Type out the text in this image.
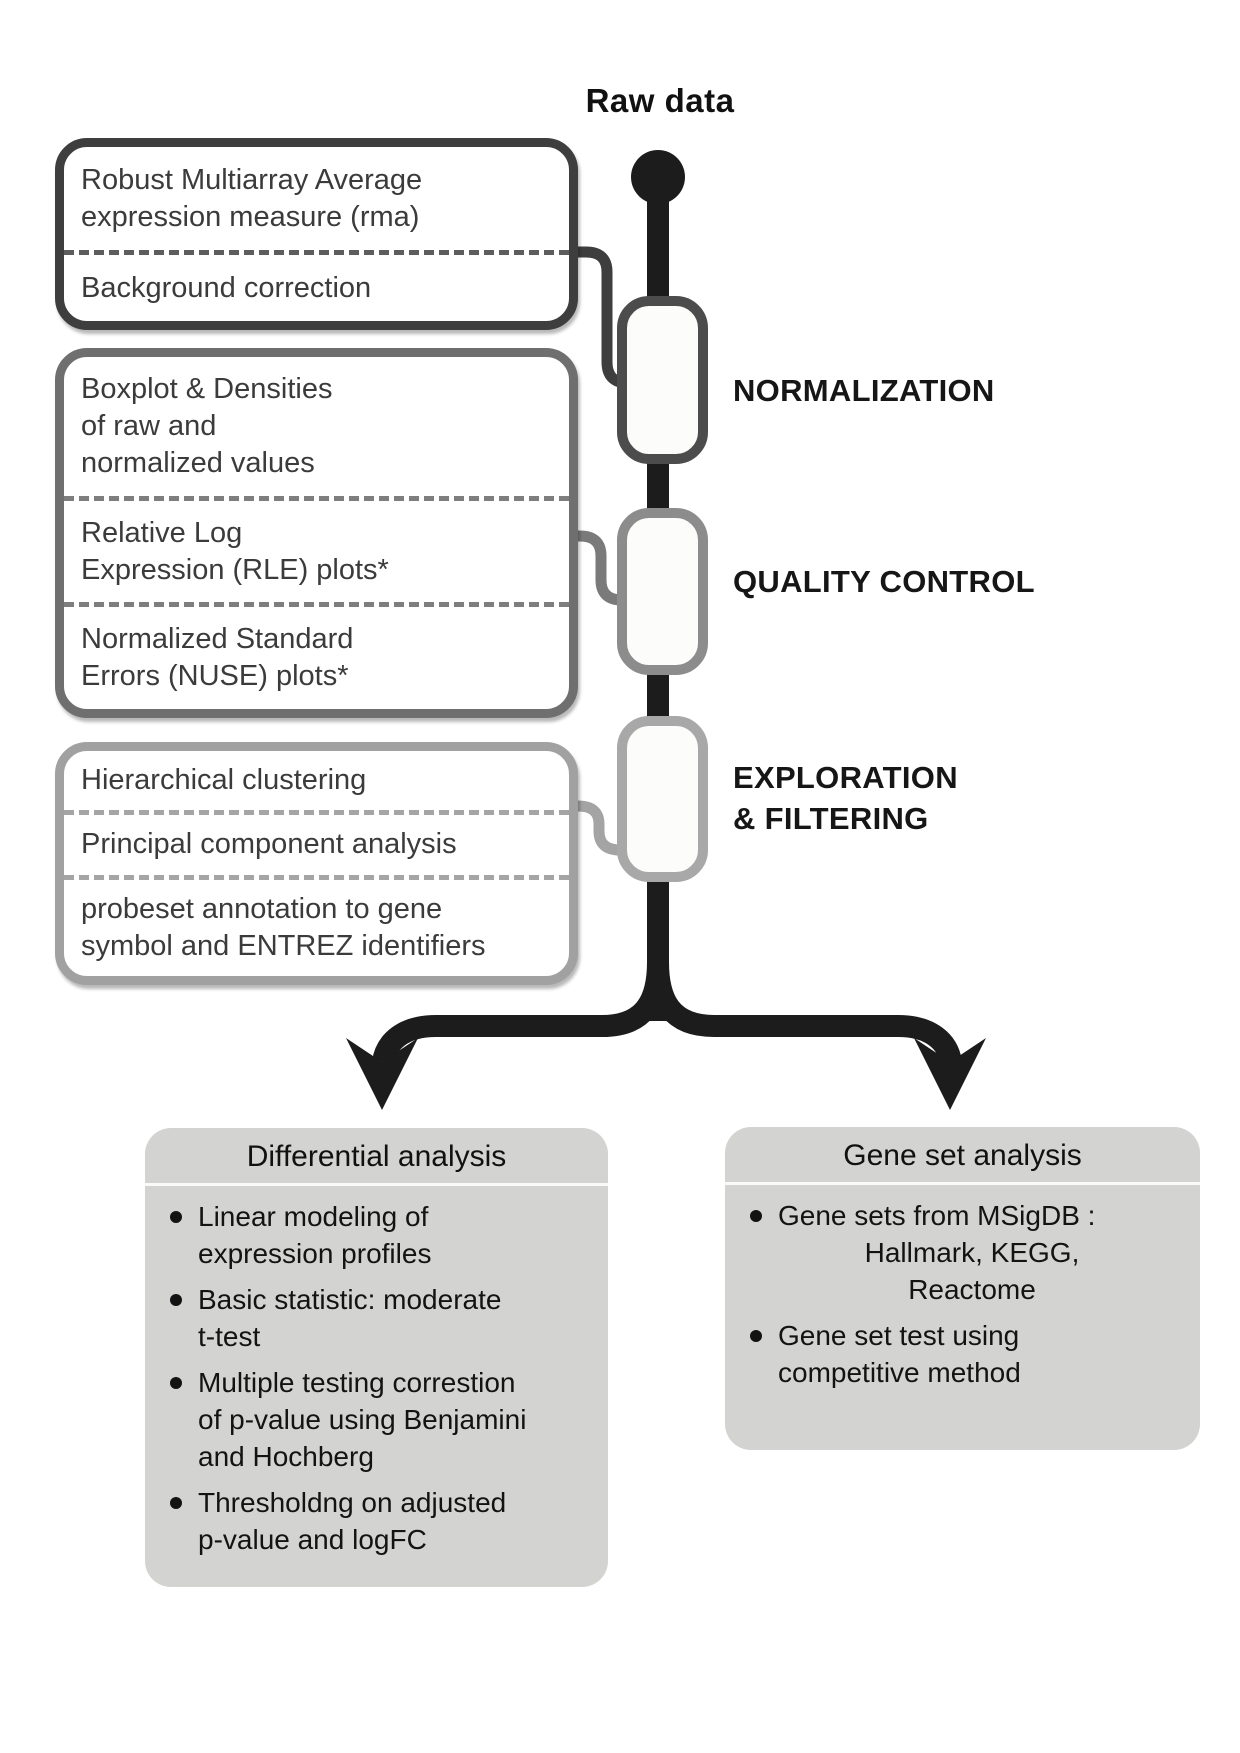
Raw data
Robust Multiarray Average
expression measure (rma)
Background correction
Boxplot & Densities
of raw and
normalized values
Relative Log
Expression (RLE) plots*
Normalized Standard
Errors (NUSE) plots*
Hierarchical clustering
Principal component analysis
probeset annotation to gene
symbol and ENTREZ identifiers
NORMALIZATION
QUALITY CONTROL
EXPLORATION
& FILTERING
Differential analysis
Linear modeling of
expression profiles
Basic statistic: moderate
t-test
Multiple testing correstion
of p-value using Benjamini
and Hochberg
Thresholdng on adjusted
p-value and logFC
Gene set analysis
Gene sets from MSigDB :
Hallmark, KEGG,
Reactome
Gene set test using
competitive method
